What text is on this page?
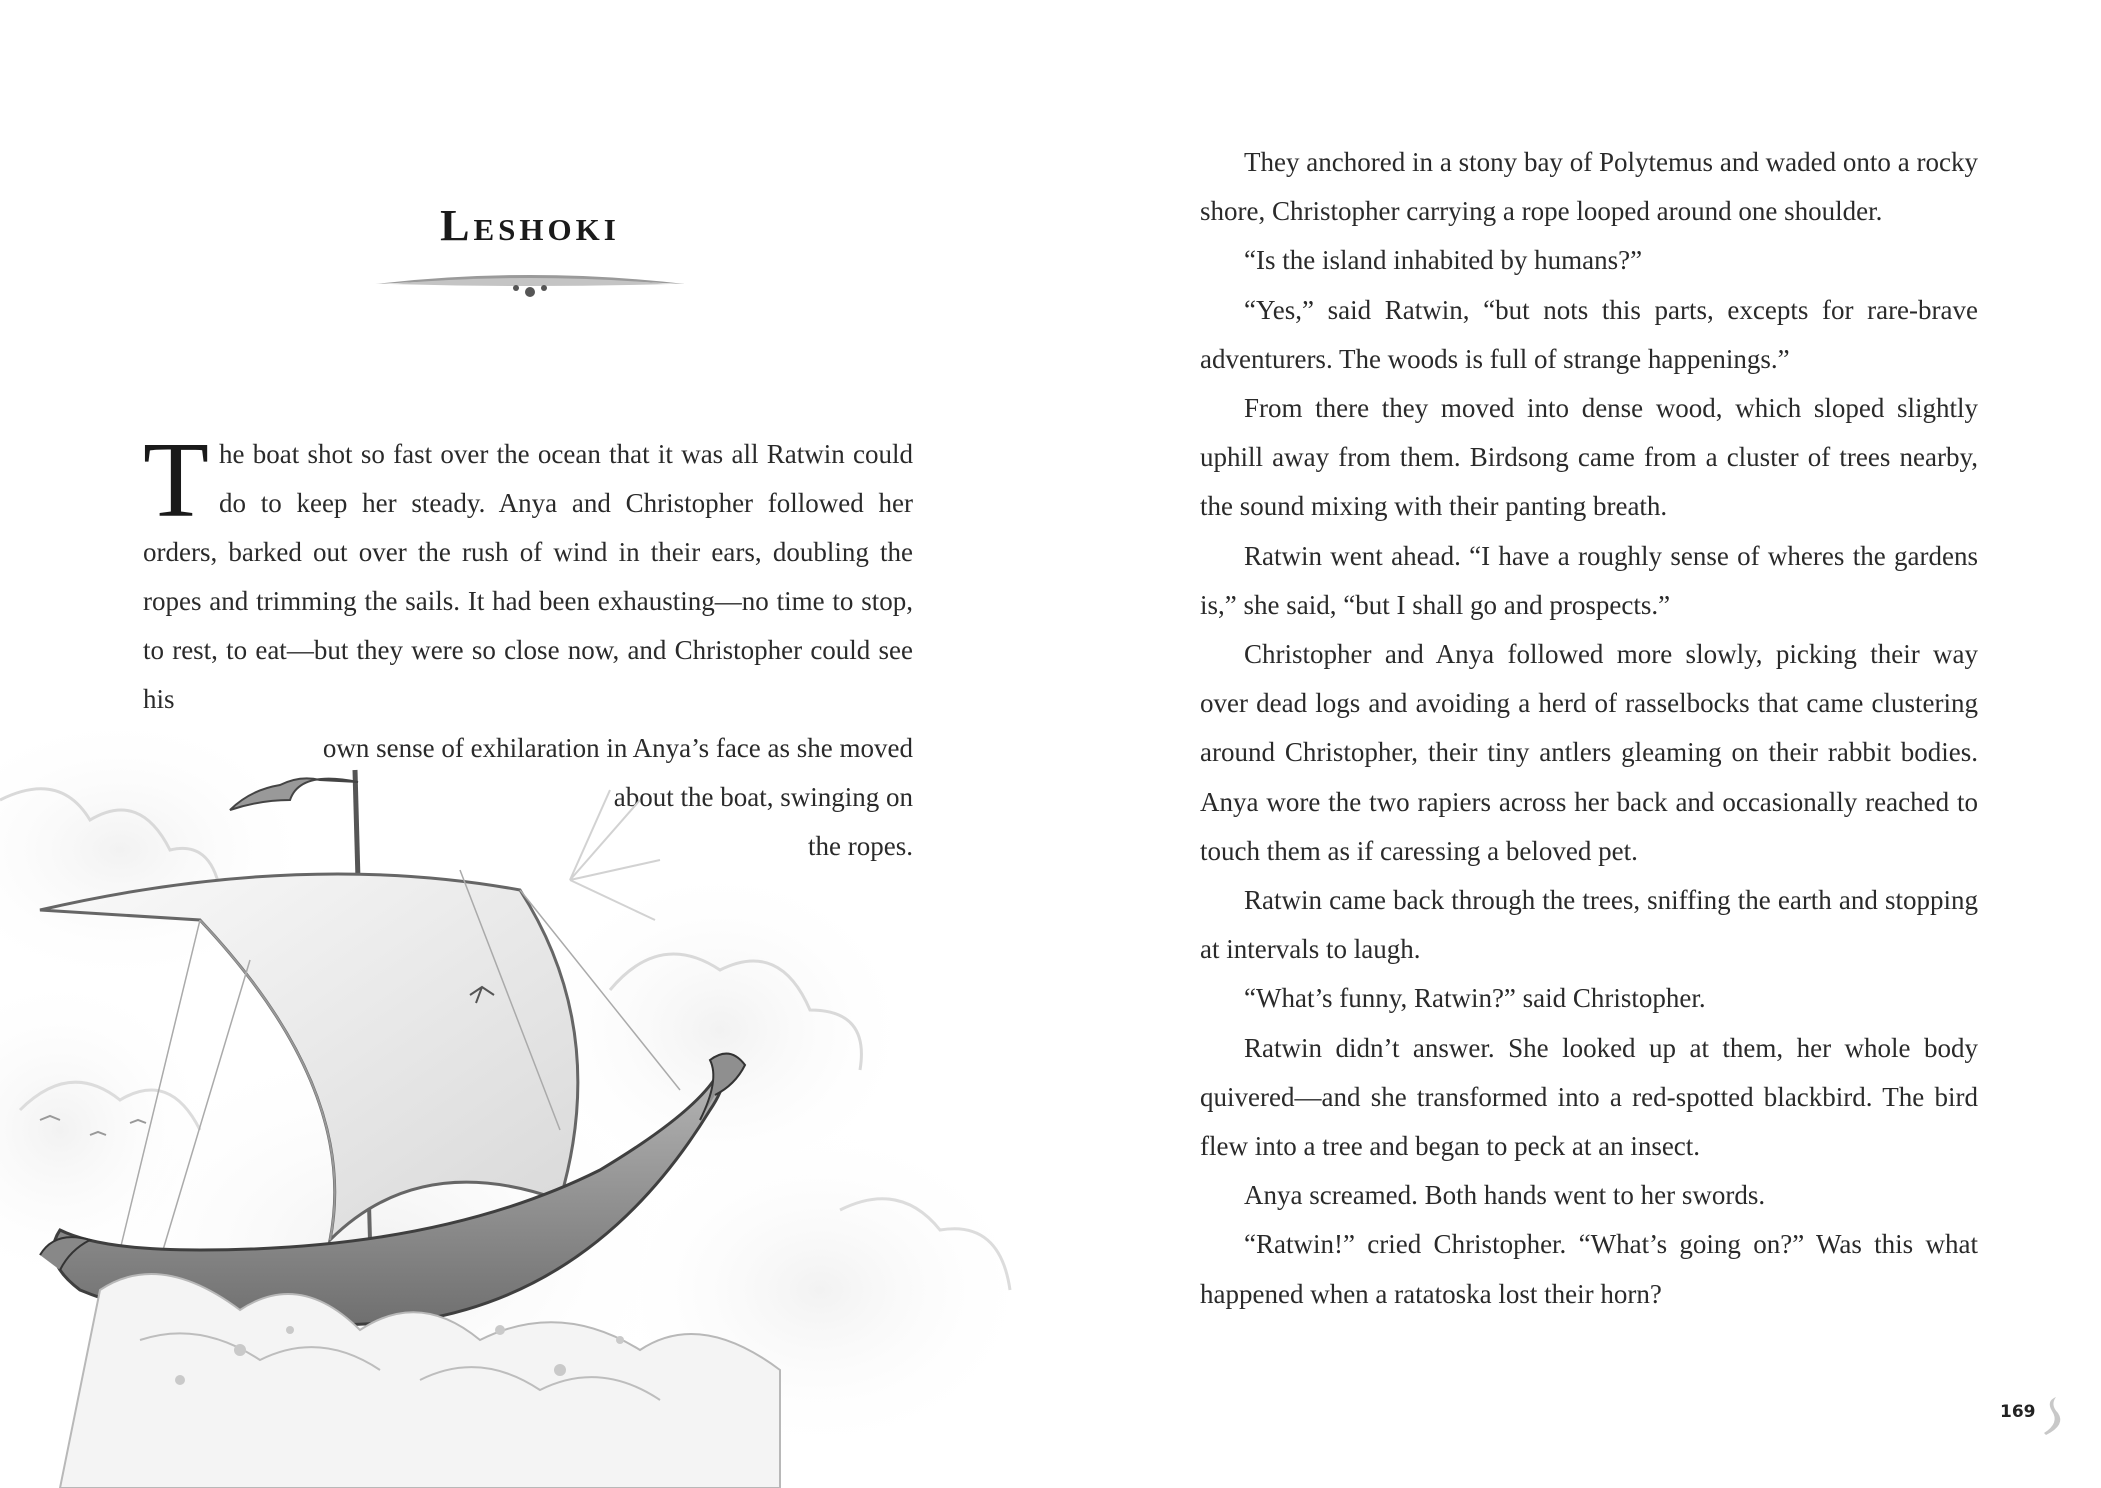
Leshoki

T he boat shot so fast over the ocean that it was all Ratwin could do to keep her steady. Anya and Christopher followed her orders, barked out over the rush of wind in their ears, doubling the ropes and trimming the sails. It had been exhausting—no time to stop, to rest, to eat—but they were so close now, and Christopher could see his

own sense of exhilaration in Anya’s face as she moved
about the boat, swinging on
the ropes.

They anchored in a stony bay of Polytemus and waded onto a rocky shore, Christopher carrying a rope looped around one shoulder.

“Is the island inhabited by humans?”

“Yes,” said Ratwin, “but nots this parts, excepts for rare-brave adventurers. The woods is full of strange happenings.”

From there they moved into dense wood, which sloped slightly uphill away from them. Birdsong came from a cluster of trees nearby, the sound mixing with their panting breath.

Ratwin went ahead. “I have a roughly sense of wheres the gardens is,” she said, “but I shall go and prospects.”

Christopher and Anya followed more slowly, picking their way over dead logs and avoiding a herd of rasselbocks that came clustering around Christopher, their tiny antlers gleaming on their rabbit bodies. Anya wore the two rapiers across her back and occasionally reached to touch them as if caressing a beloved pet.

Ratwin came back through the trees, sniffing the earth and stopping at intervals to laugh.

“What’s funny, Ratwin?” said Christopher.

Ratwin didn’t answer. She looked up at them, her whole body quivered—and she transformed into a red-spotted blackbird. The bird flew into a tree and began to peck at an insect.

Anya screamed. Both hands went to her swords.

“Ratwin!” cried Christopher. “What’s going on?” Was this what happened when a ratatoska lost their horn?

169
